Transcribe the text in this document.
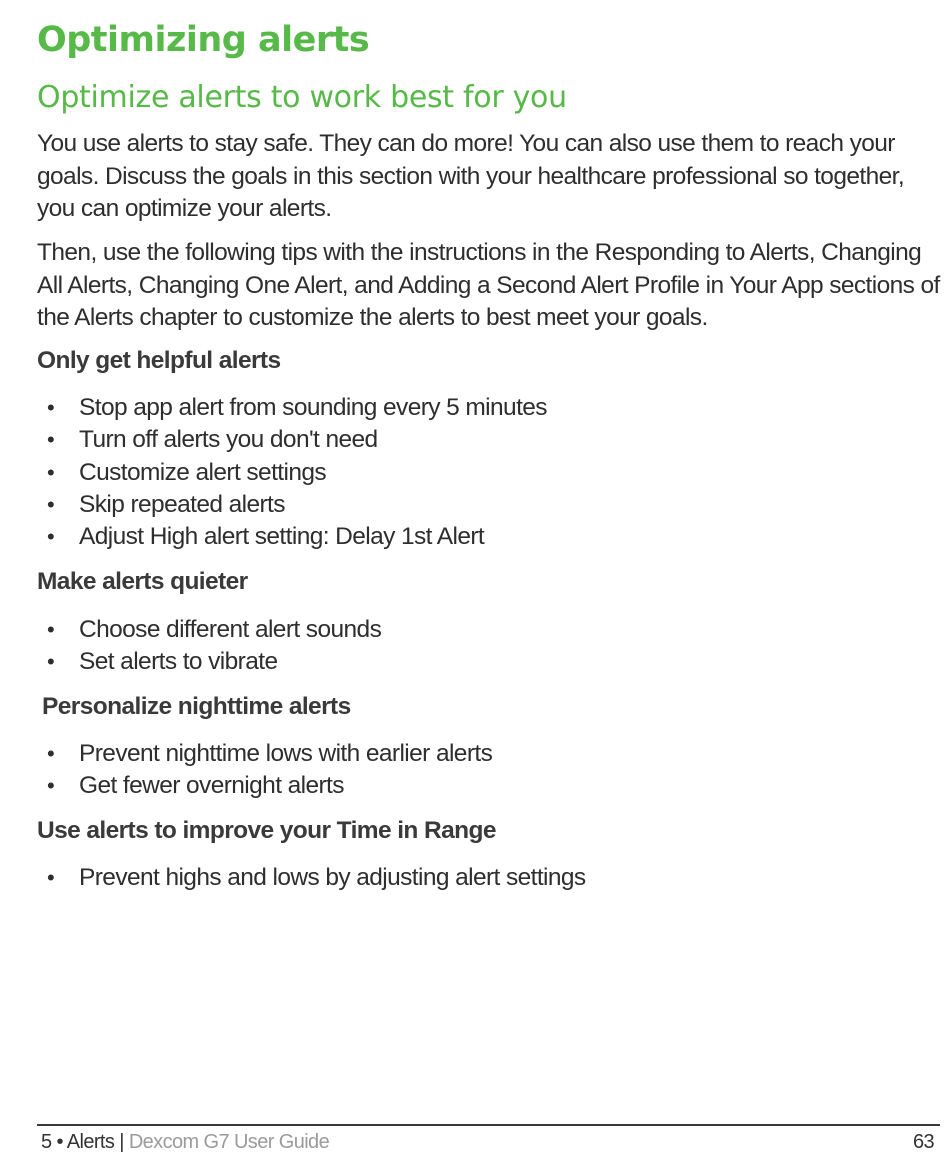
Optimizing alerts
Optimize alerts to work best for you

You use alerts to stay safe. They can do more! You can also use them to reach your goals. Discuss the goals in this section with your healthcare professional so together, you can optimize your alerts.

Then, use the following tips with the instructions in the Responding to Alerts, Changing All Alerts, Changing One Alert, and Adding a Second Alert Profile in Your App sections of the Alerts chapter to customize the alerts to best meet your goals.

Only get helpful alerts
• Stop app alert from sounding every 5 minutes
• Turn off alerts you don't need
• Customize alert settings
• Skip repeated alerts
• Adjust High alert setting: Delay 1st Alert
Make alerts quieter
• Choose different alert sounds
• Set alerts to vibrate
Personalize nighttime alerts
• Prevent nighttime lows with earlier alerts
• Get fewer overnight alerts
Use alerts to improve your Time in Range
• Prevent highs and lows by adjusting alert settings
5 • Alerts | Dexcom G7 User Guide	63
